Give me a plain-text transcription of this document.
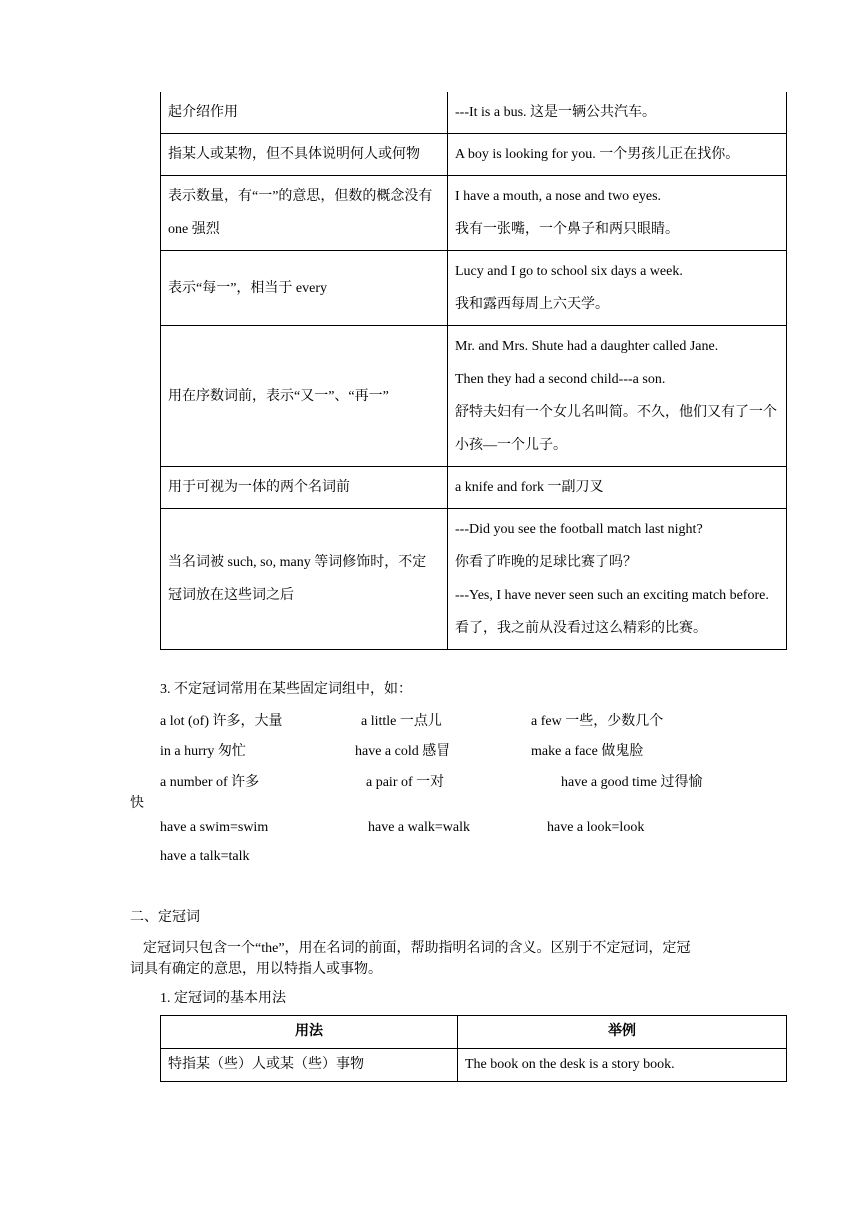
起介绍作用	---It is a bus. 这是一辆公共汽车。

指某人或某物，但不具体说明何人或何物	A boy is looking for you. 一个男孩儿正在找你。

表示数量，有“一”的意思，但数的概念没有 one 强烈	I have a mouth, a nose and two eyes.
我有一张嘴，一个鼻子和两只眼睛。

表示“每一”，相当于 every	Lucy and I go to school six days a week.
我和露西每周上六天学。

用在序数词前，表示“又一”、“再一”	Mr. and Mrs. Shute had a daughter called Jane.
Then they had a second child---a son.
舒特夫妇有一个女儿名叫简。不久，他们又有了一个小孩—一个儿子。

用于可视为一体的两个名词前	a knife and fork 一副刀叉

当名词被 such, so, many 等词修饰时，不定冠词放在这些词之后	---Did you see the football match last night?
你看了昨晚的足球比赛了吗？
---Yes, I have never seen such an exciting match before.
看了，我之前从没看过这么精彩的比赛。
3. 不定冠词常用在某些固定词组中，如：
a lot (of) 许多，大量	a little 一点儿	a few 一些，少数几个
in a hurry 匆忙	have a cold 感冒	make a face 做鬼脸
a number of 许多	a pair of 一对	have a good time 过得愉
快
have a swim=swim	have a walk=walk	have a look=look
have a talk=talk
二、定冠词
定冠词只包含一个“the”，用在名词的前面，帮助指明名词的含义。区别于不定冠词，定冠
词具有确定的意思，用以特指人或事物。
1. 定冠词的基本用法
用法	举例
特指某（些）人或某（些）事物	The book on the desk is a story book.
